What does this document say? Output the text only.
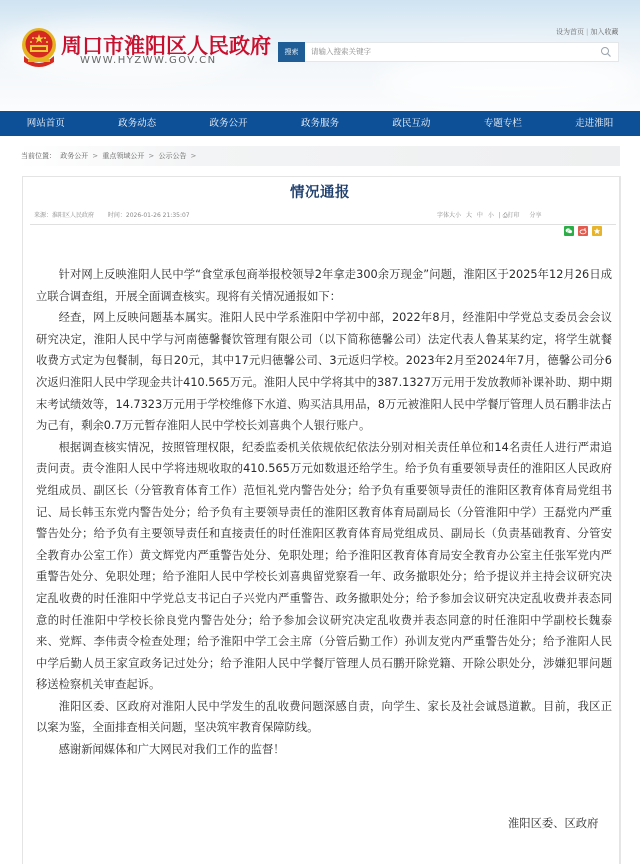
周口市淮阳区人民政府
WWW.HYZWW.GOV.CN
设为首页 | 加入收藏
搜索	请输入搜索关键字
网站首页	政务动态	政务公开	政务服务	政民互动	专题专栏	走进淮阳
当前位置： 政务公开 > 重点领域公开 > 公示公告 >
情况通报
来源：淮阳区人民政府 时间：2026-01-26 21:35:07	字体大小 大 中 小 | ⎙打印 分享

针对网上反映淮阳人民中学“食堂承包商举报校领导2年拿走300余万现金”问题，淮阳区于2025年12月26日成立联合调查组，开展全面调查核实。现将有关情况通报如下：

经查，网上反映问题基本属实。淮阳人民中学系淮阳中学初中部，2022年8月，经淮阳中学党总支委员会会议研究决定，淮阳人民中学与河南德馨餐饮管理有限公司（以下简称德馨公司）法定代表人鲁某某约定，将学生就餐收费方式定为包餐制，每日20元，其中17元归德馨公司、3元返归学校。2023年2月至2024年7月，德馨公司分6次返归淮阳人民中学现金共计410.565万元。淮阳人民中学将其中的387.1327万元用于发放教师补课补助、期中期末考试绩效等，14.7323万元用于学校维修下水道、购买洁具用品，8万元被淮阳人民中学餐厅管理人员石鹏非法占为己有，剩余0.7万元暂存淮阳人民中学校长刘喜典个人银行账户。

根据调查核实情况，按照管理权限，纪委监委机关依规依纪依法分别对相关责任单位和14名责任人进行严肃追责问责。责令淮阳人民中学将违规收取的410.565万元如数退还给学生。给予负有重要领导责任的淮阳区人民政府党组成员、副区长（分管教育体育工作）范恒礼党内警告处分；给予负有重要领导责任的淮阳区教育体育局党组书记、局长韩玉东党内警告处分；给予负有主要领导责任的淮阳区教育体育局副局长（分管淮阳中学）王磊党内严重警告处分；给予负有主要领导责任和直接责任的时任淮阳区教育体育局党组成员、副局长（负责基础教育、分管安全教育办公室工作）黄文辉党内严重警告处分、免职处理；给予淮阳区教育体育局安全教育办公室主任张军党内严重警告处分、免职处理；给予淮阳人民中学校长刘喜典留党察看一年、政务撤职处分；给予提议并主持会议研究决定乱收费的时任淮阳中学党总支书记白子兴党内严重警告、政务撤职处分；给予参加会议研究决定乱收费并表态同意的时任淮阳中学校长徐良党内警告处分；给予参加会议研究决定乱收费并表态同意的时任淮阳中学副校长魏泰来、党辉、李伟责令检查处理；给予淮阳中学工会主席（分管后勤工作）孙训友党内严重警告处分；给予淮阳人民中学后勤人员王家宣政务记过处分；给予淮阳人民中学餐厅管理人员石鹏开除党籍、开除公职处分，涉嫌犯罪问题移送检察机关审查起诉。

淮阳区委、区政府对淮阳人民中学发生的乱收费问题深感自责，向学生、家长及社会诚恳道歉。目前，我区正以案为鉴，全面排查相关问题，坚决筑牢教育保障防线。

感谢新闻媒体和广大网民对我们工作的监督！

淮阳区委、区政府
